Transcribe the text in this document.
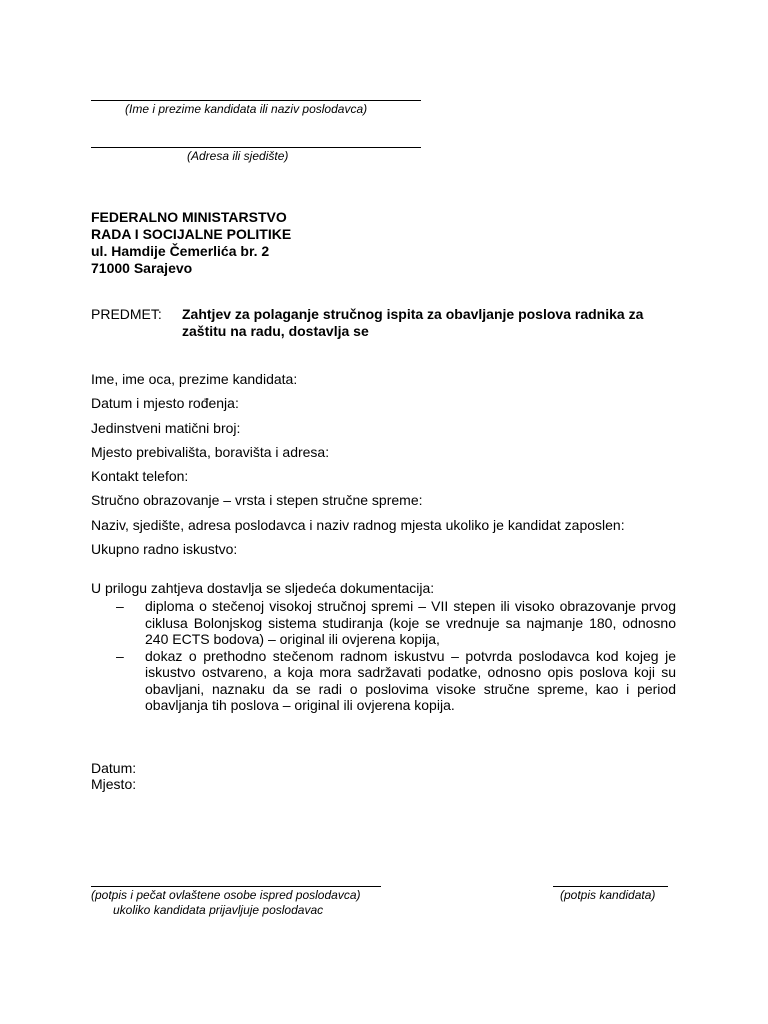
(Ime i prezime kandidata ili naziv poslodavca)
(Adresa ili sjedište)
FEDERALNO MINISTARSTVO
RADA I SOCIJALNE POLITIKE
ul. Hamdije Čemerlića br. 2
71000 Sarajevo
PREDMET: Zahtjev za polaganje stručnog ispita za obavljanje poslova radnika za zaštitu na radu, dostavlja se
Ime, ime oca, prezime kandidata:
Datum i mjesto rođenja:
Jedinstveni matični broj:
Mjesto prebivališta, boravišta i adresa:
Kontakt telefon:
Stručno obrazovanje – vrsta i stepen stručne spreme:
Naziv, sjedište, adresa poslodavca i naziv radnog mjesta ukoliko je kandidat zaposlen:
Ukupno radno iskustvo:
U prilogu zahtjeva dostavlja se sljedeća dokumentacija:
– diploma o stečenoj visokoj stručnoj spremi – VII stepen ili visoko obrazovanje prvog ciklusa Bolonjskog sistema studiranja (koje se vrednuje sa najmanje 180, odnosno 240 ECTS bodova) – original ili ovjerena kopija,
– dokaz o prethodno stečenom radnom iskustvu – potvrda poslodavca kod kojeg je iskustvo ostvareno, a koja mora sadržavati podatke, odnosno opis poslova koji su obavljani, naznaku da se radi o poslovima visoke stručne spreme, kao i period obavljanja tih poslova – original ili ovjerena kopija.
Datum:
Mjesto:
(potpis i pečat ovlaštene osobe ispred poslodavca)
ukoliko kandidata prijavljuje poslodavac
(potpis kandidata)
